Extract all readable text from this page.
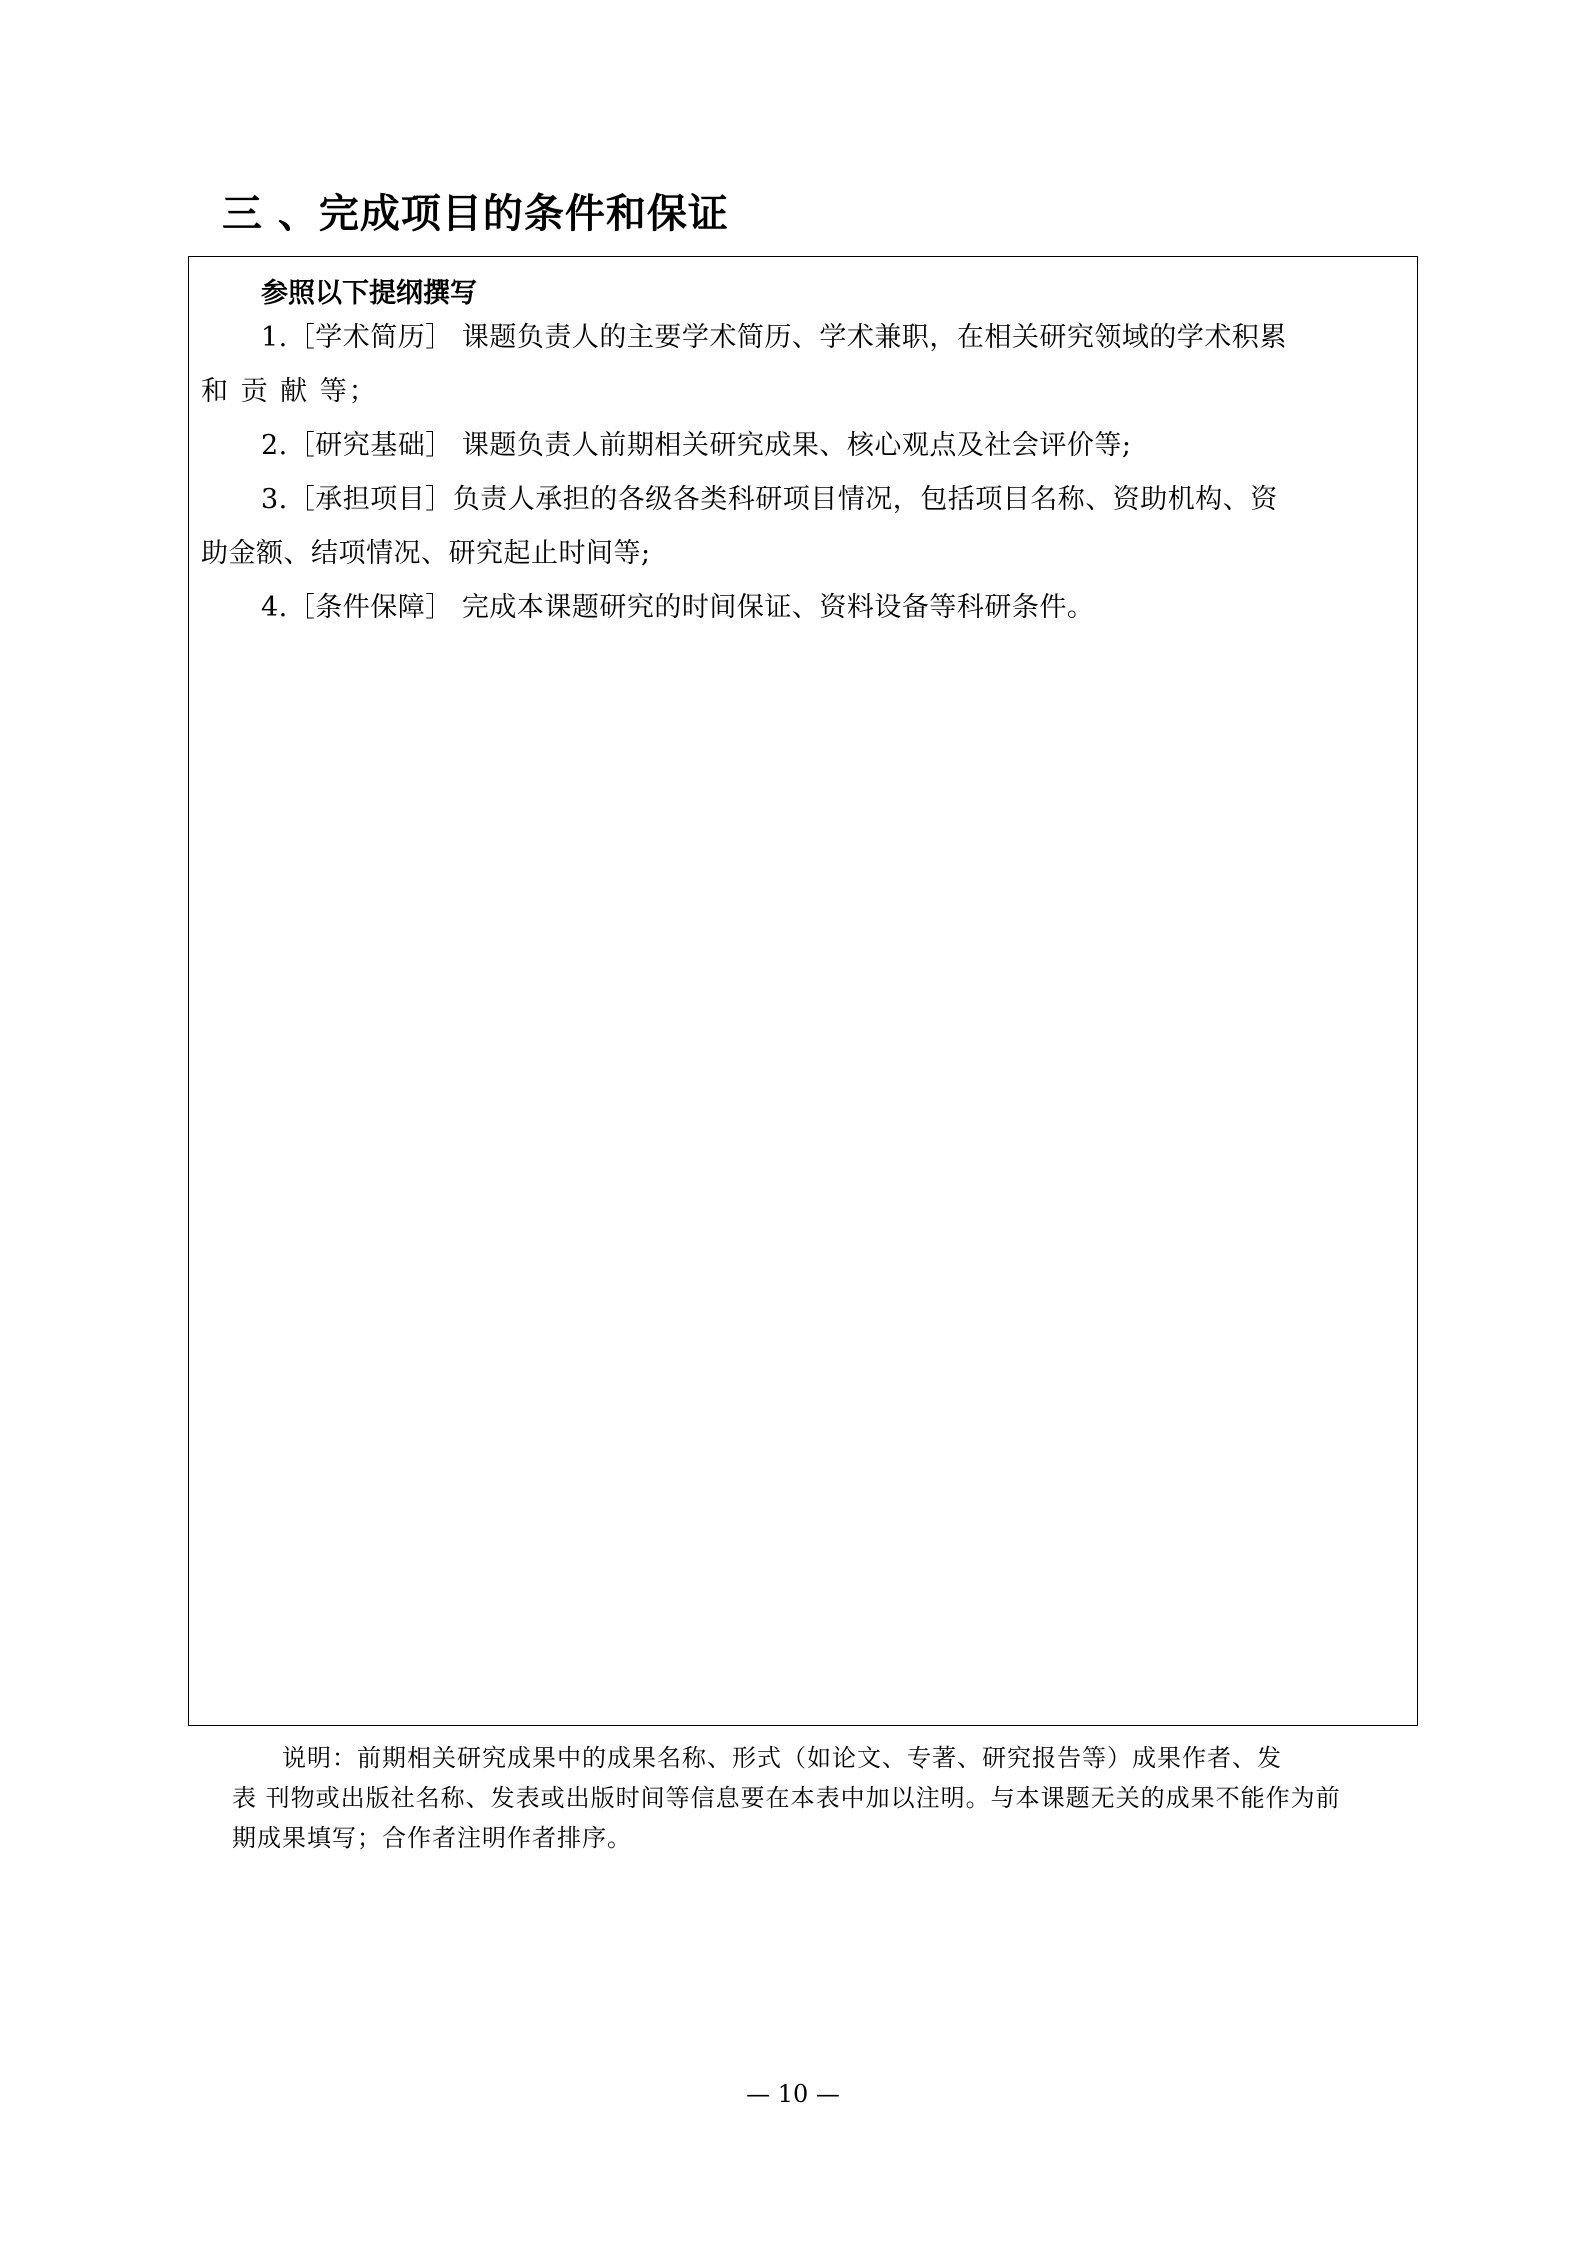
三 、完成项目的条件和保证
参照以下提纲撰写
1.［学术简历］ 课题负责人的主要学术简历、学术兼职，在相关研究领域的学术积累
和 贡 献 等；
2.［研究基础］ 课题负责人前期相关研究成果、核心观点及社会评价等;
3.［承担项目］负责人承担的各级各类科研项目情况，包括项目名称、资助机构、资
助金额、结项情况、研究起止时间等;
4.［条件保障］ 完成本课题研究的时间保证、资料设备等科研条件。
说明：前期相关研究成果中的成果名称、形式（如论文、专著、研究报告等）成果作者、发
表 刊物或出版社名称、发表或出版时间等信息要在本表中加以注明。与本课题无关的成果不能作为前
期成果填写；合作者注明作者排序。
— 10 —
